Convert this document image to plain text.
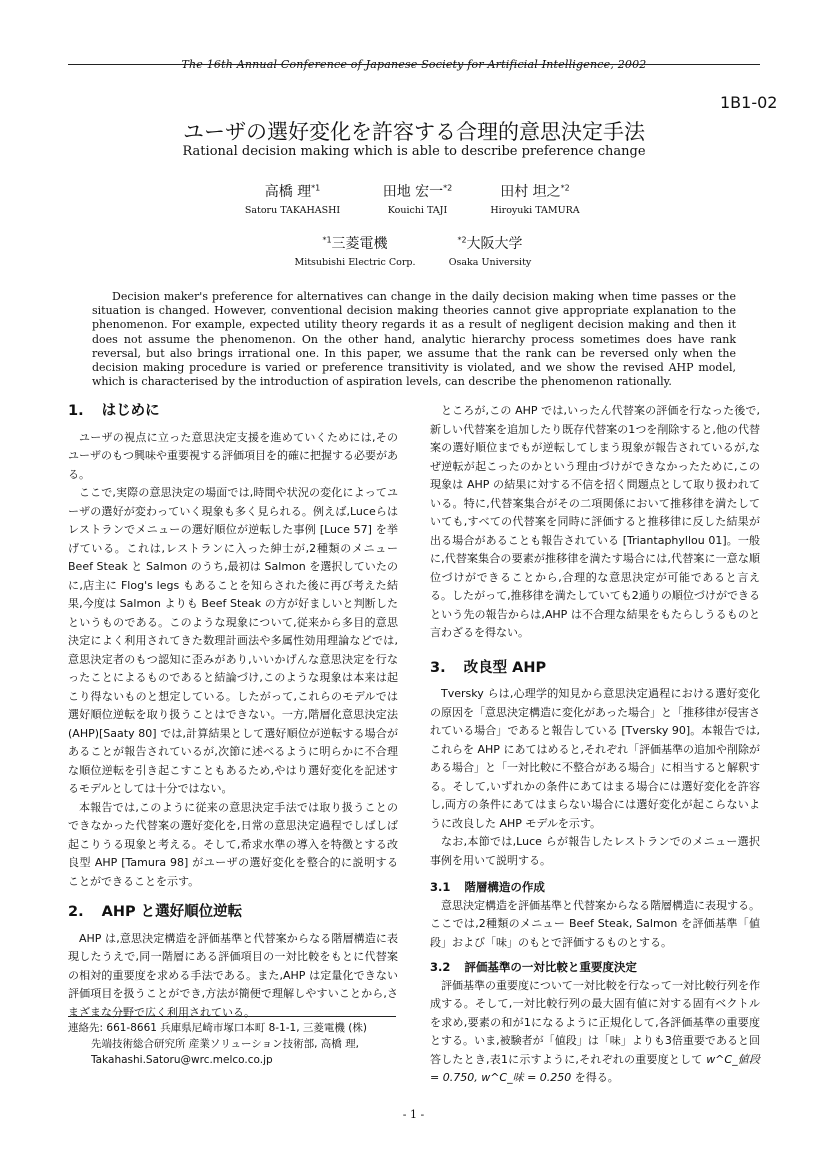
The 16th Annual Conference of Japanese Society for Artificial Intelligence, 2002
1B1-02
ユーザの選好変化を許容する合理的意思決定手法
Rational decision making which is able to describe preference change
高橋 理$^{*1}$
Satoru TAKAHASHI
田地 宏一$^{*2}$
Kouichi TAJI
田村 坦之$^{*2}$
Hiroyuki TAMURA
$^{*1}$三菱電機
Mitsubishi Electric Corp.
$^{*2}$大阪大学
Osaka University
Decision maker's preference for alternatives can change in the daily decision making when time passes or the situation is changed. However, conventional decision making theories cannot give appropriate explanation to the phenomenon. For example, expected utility theory regards it as a result of negligent decision making and then it does not assume the phenomenon. On the other hand, analytic hierarchy process sometimes does have rank reversal, but also brings irrational one. In this paper, we assume that the rank can be reversed only when the decision making procedure is varied or preference transitivity is violated, and we show the revised AHP model, which is characterised by the introduction of aspiration levels, can describe the phenomenon rationally.
1. はじめに

ユーザの視点に立った意思決定支援を進めていくためには,そのユーザのもつ興味や重要視する評価項目を的確に把握する必要がある。

ここで,実際の意思決定の場面では,時間や状況の変化によってユーザの選好が変わっていく現象も多く見られる。例えば,Luceらはレストランでメニューの選好順位が逆転した事例 [Luce 57] を挙げている。これは,レストランに入った紳士が,2種類のメニュー Beef Steak と Salmon のうち,最初は Salmon を選択していたのに,店主に Flog's legs もあることを知らされた後に再び考えた結果,今度は Salmon よりも Beef Steak の方が好ましいと判断したというものである。このような現象について,従来から多目的意思決定によく利用されてきた数理計画法や多属性効用理論などでは,意思決定者のもつ認知に歪みがあり,いいかげんな意思決定を行なったことによるものであると結論づけ,このような現象は本来は起こり得ないものと想定している。したがって,これらのモデルでは選好順位逆転を取り扱うことはできない。一方,階層化意思決定法 (AHP)[Saaty 80] では,計算結果として選好順位が逆転する場合があることが報告されているが,次節に述べるように明らかに不合理な順位逆転を引き起こすこともあるため,やはり選好変化を記述するモデルとしては十分ではない。

本報告では,このように従来の意思決定手法では取り扱うことのできなかった代替案の選好変化を,日常の意思決定過程でしばしば起こりうる現象と考える。そして,希求水準の導入を特徴とする改良型 AHP [Tamura 98] がユーザの選好変化を整合的に説明することができることを示す。

2. AHP と選好順位逆転

AHP は,意思決定構造を評価基準と代替案からなる階層構造に表現したうえで,同一階層にある評価項目の一対比較をもとに代替案の相対的重要度を求める手法である。また,AHP は定量化できない評価項目を扱うことができ,方法が簡便で理解しやすいことから,さまざまな分野で広く利用されている。

連絡先: 661-8661 兵庫県尼崎市塚口本町 8-1-1, 三菱電機 (株)
先端技術総合研究所 産業ソリューション技術部, 高橋 理,
Takahashi.Satoru@wrc.melco.co.jp

ところが,この AHP では,いったん代替案の評価を行なった後で,新しい代替案を追加したり既存代替案の1つを削除すると,他の代替案の選好順位までもが逆転してしまう現象が報告されているが,なぜ逆転が起こったのかという理由づけができなかったために,この現象は AHP の結果に対する不信を招く問題点として取り扱われている。特に,代替案集合がその二項関係において推移律を満たしていても,すべての代替案を同時に評価すると推移律に反した結果が出る場合があることも報告されている [Triantaphyllou 01]。一般に,代替案集合の要素が推移律を満たす場合には,代替案に一意な順位づけができることから,合理的な意思決定が可能であると言える。したがって,推移律を満たしていても2通りの順位づけができるという先の報告からは,AHP は不合理な結果をもたらしうるものと言わざるを得ない。

3. 改良型 AHP

Tversky らは,心理学的知見から意思決定過程における選好変化の原因を「意思決定構造に変化があった場合」と「推移律が侵害されている場合」であると報告している [Tversky 90]。本報告では,これらを AHP にあてはめると,それぞれ「評価基準の追加や削除がある場合」と「一対比較に不整合がある場合」に相当すると解釈する。そして,いずれかの条件にあてはまる場合には選好変化を許容し,両方の条件にあてはまらない場合には選好変化が起こらないように改良した AHP モデルを示す。

なお,本節では,Luce らが報告したレストランでのメニュー選択事例を用いて説明する。

3.1 階層構造の作成

意思決定構造を評価基準と代替案からなる階層構造に表現する。ここでは,2種類のメニュー Beef Steak, Salmon を評価基準「値段」および「味」のもとで評価するものとする。

3.2 評価基準の一対比較と重要度決定

評価基準の重要度について一対比較を行なって一対比較行列を作成する。そして,一対比較行列の最大固有値に対する固有ベクトルを求め,要素の和が1になるように正規化して,各評価基準の重要度とする。いま,被験者が「値段」は「味」よりも3倍重要であると回答したとき,表1に示すように,それぞれの重要度として w^C_値段 = 0.750, w^C_味 = 0.250 を得る。

- 1 -
